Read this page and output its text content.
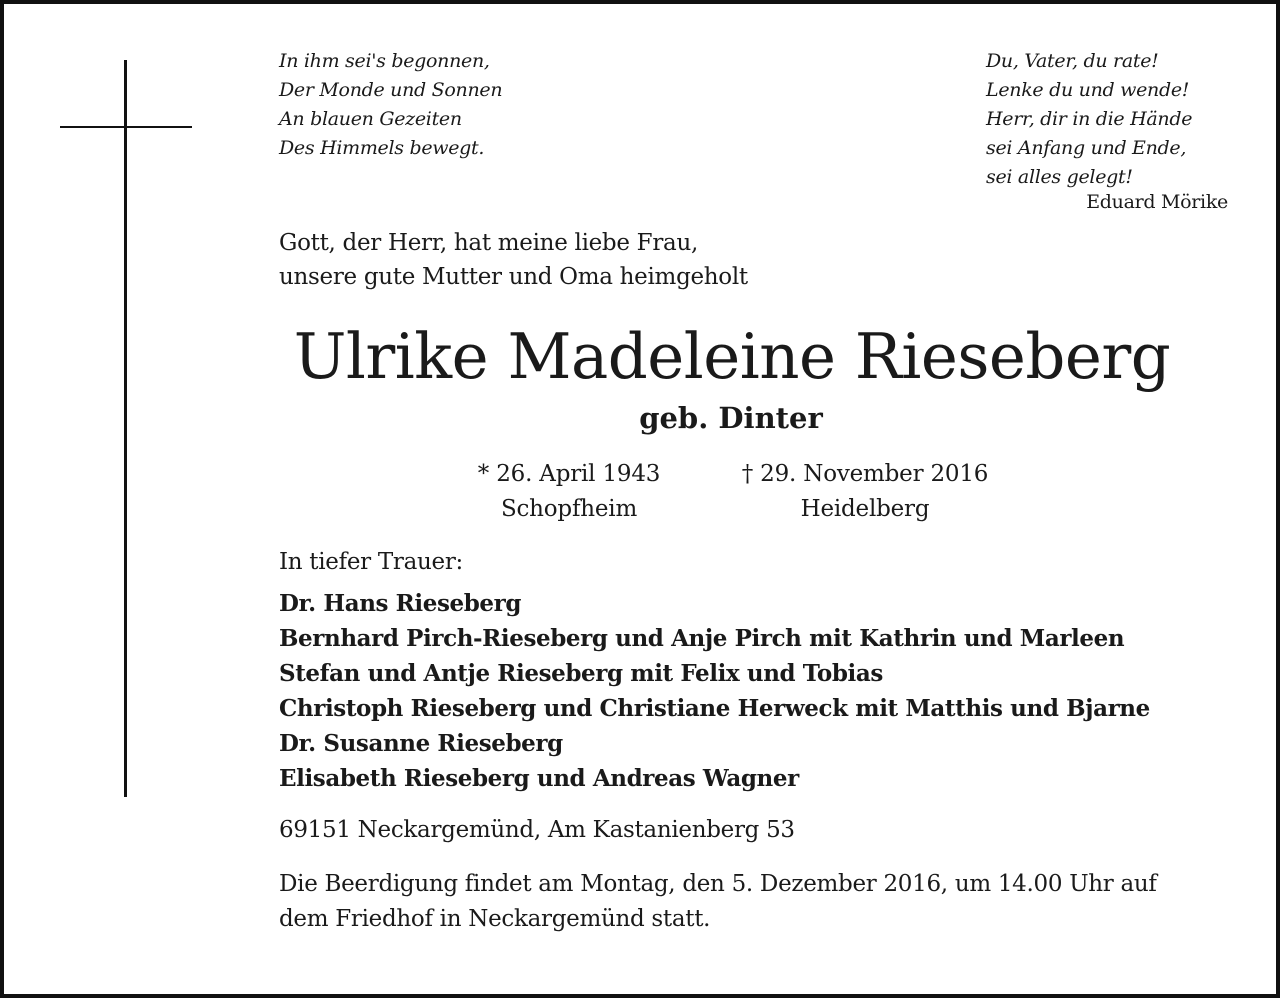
In ihm sei's begonnen,
Der Monde und Sonnen
An blauen Gezeiten
Des Himmels bewegt.
Du, Vater, du rate!
Lenke du und wende!
Herr, dir in die Hände
sei Anfang und Ende,
sei alles gelegt!
Eduard Mörike
Gott, der Herr, hat meine liebe Frau,
unsere gute Mutter und Oma heimgeholt
Ulrike Madeleine Rieseberg
geb. Dinter
* 26. April 1943
Schopfheim
† 29. November 2016
Heidelberg
In tiefer Trauer:
Dr. Hans Rieseberg
Bernhard Pirch-Rieseberg und Anje Pirch mit Kathrin und Marleen
Stefan und Antje Rieseberg mit Felix und Tobias
Christoph Rieseberg und Christiane Herweck mit Matthis und Bjarne
Dr. Susanne Rieseberg
Elisabeth Rieseberg und Andreas Wagner
69151 Neckargemünd, Am Kastanienberg 53
Die Beerdigung findet am Montag, den 5. Dezember 2016, um 14.00 Uhr auf
dem Friedhof in Neckargemünd statt.
